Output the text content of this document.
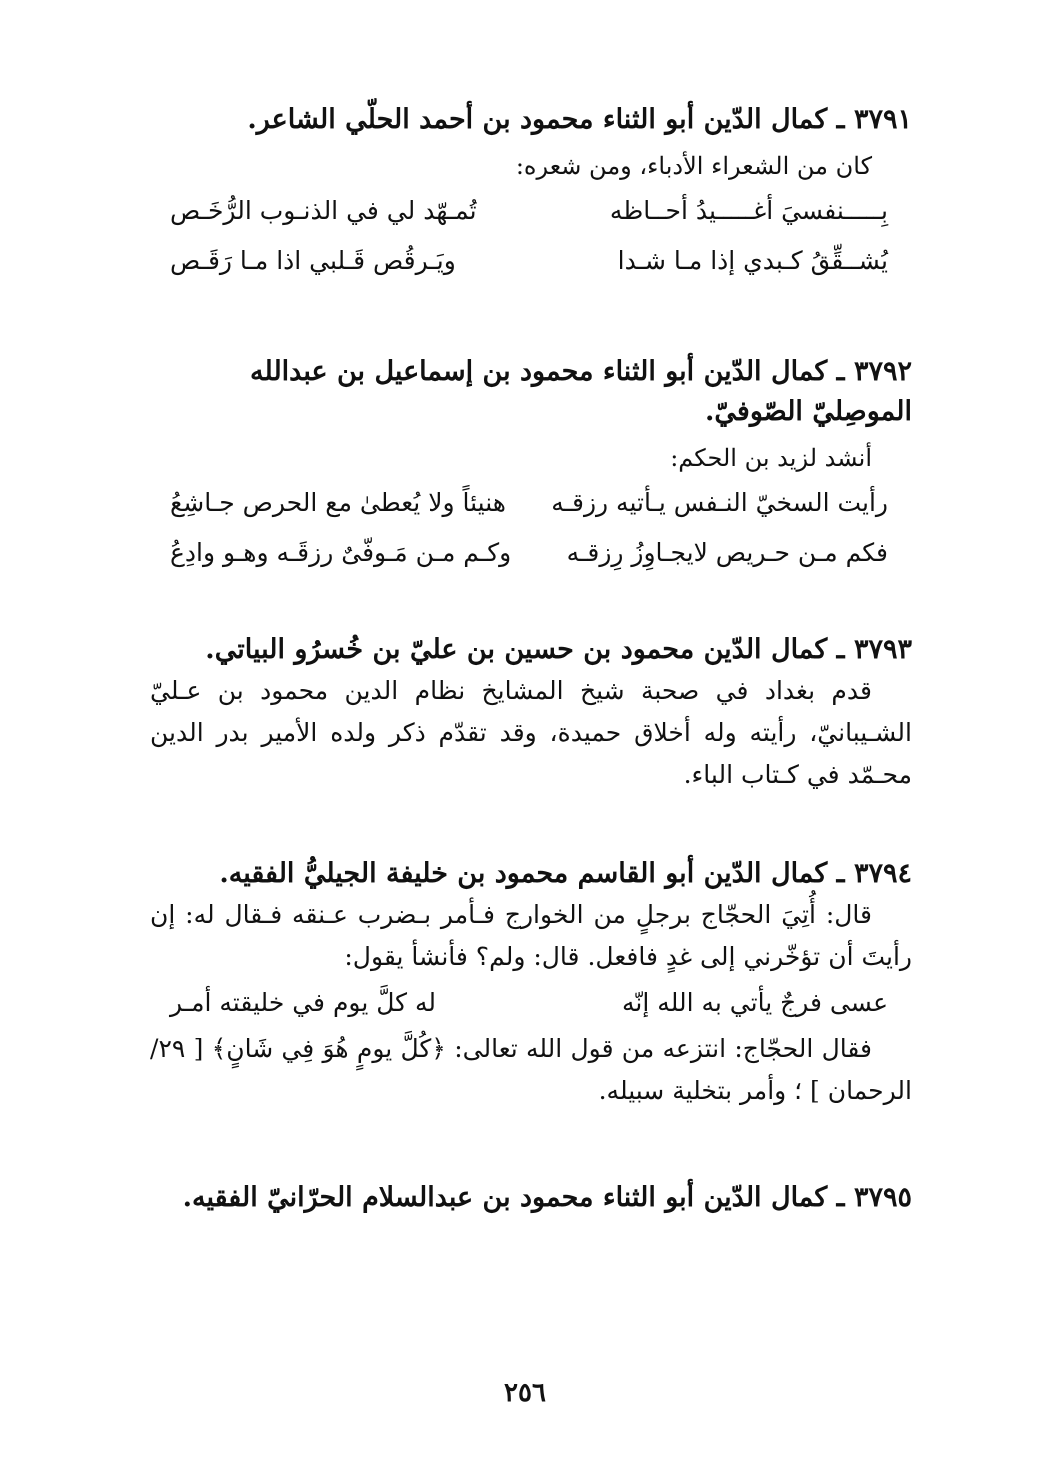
٣٧٩١ ـ كمال الدّين أبو الثناء محمود بن أحمد الحلّي الشاعر.

كان من الشعراء الأدباء، ومن شعره:

بِـــــنفسيَ أغـــــيدُ أحــاظه
تُمـهّد لي في الذنـوب الرُّخَـص
يُشــقِّقُ كـبدي إذا مـا شـدا
ويَـرقُص قَـلبي اذا مـا رَقَـص
٣٧٩٢ ـ كمال الدّين أبو الثناء محمود بن إسماعيل بن عبدالله الموصِليّ الصّوفيّ.

أنشد لزيد بن الحكم:

رأيت السخيّ النـفس يـأتيه رزقـه
هنيئاً ولا يُعطىٰ مع الحرص جـاشِعُ
فكم مـن حـريص لايجـاوِزُ رِزقـه
وكـم مـن مَـوفّىٌ رزقَـه وهـو وادِعُ
٣٧٩٣ ـ كمال الدّين محمود بن حسين بن عليّ بن خُسرُو البياتي.

قدم بغداد في صحبة شيخ المشايخ نظام الدين محمود بن عـليّ الشـيبانيّ، رأيته وله أخلاق حميدة، وقد تقدّم ذكر ولده الأمير بدر الدين محـمّد في كـتاب الباء.

٣٧٩٤ ـ كمال الدّين أبو القاسم محمود بن خليفة الجيليُّ الفقيه.

قال: أُتِيَ الحجّاج برجلٍ من الخوارج فـأمر بـضرب عـنقه فـقال له: إن رأيتَ أن تؤخّرني إلى غدٍ فافعل. قال: ولم؟ فأنشأ يقول:

عسى فرجٌ يأتي به الله إنّه
له كلَّ يوم في خليقته أمـر

فقال الحجّاج: انتزعه من قول الله تعالى: ﴿كُلَّ يومٍ هُوَ فِي شَانٍ﴾ [ ٢٩/ الرحمان ] ؛ وأمر بتخلية سبيله.

٣٧٩٥ ـ كمال الدّين أبو الثناء محمود بن عبدالسلام الحرّانيّ الفقيه.
٢٥٦
